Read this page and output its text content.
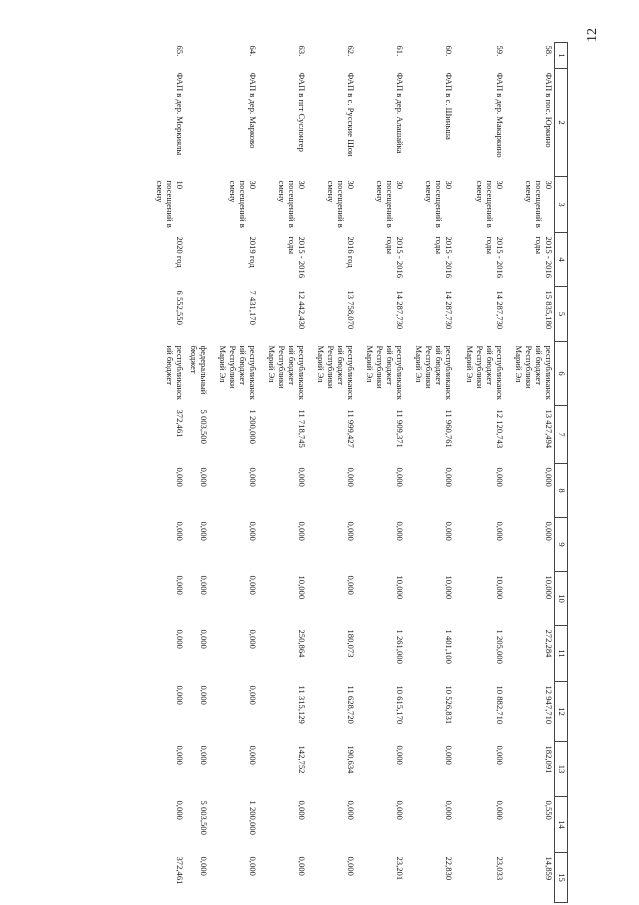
12
1	2	3	4	5	6	7	8	9	10	11	12	13	14	15
58.	ФАП в пос. Юркино	30 посещений в смену	2015 - 2016 годы	15 835,180	республиканский бюджет Республики Марий Эл	13 427,494	0,000	0,000	10,000	272,284	12 947,710	182,091	0,550	14,859
59.	ФАП в дер. Макаркино	30 посещений в смену	2015 - 2016 годы	14 287,730	республиканский бюджет Республики Марий Эл	12 120,743	0,000	0,000	10,000	1 205,000	10 882,710	0,000	0,000	23,033
60.	ФАП в с. Шиньша	30 посещений в смену	2015 - 2016 годы	14 287,730	республиканский бюджет Республики Марий Эл	11 960,761	0,000	0,000	10,000	1 401,100	10 526,831	0,000	0,000	22,830
61.	ФАП в дер. Алашайка	30 посещений в смену	2015 - 2016 годы	14 287,730	республиканский бюджет Республики Марий Эл	11 909,371	0,000	0,000	10,000	1 261,000	10 615,170	0,000	0,000	23,201
62.	ФАП в с. Русские Шои	30 посещений в смену	2016 год	13 758,070	республиканский бюджет Республики Марий Эл	11 999,427	0,000	0,000	0,000	180,073	11 628,720	190,634	0,000	0,000
63.	ФАП в пгт Суслонгер	30 посещений в смену	2015 - 2016 годы	12 442,430	республиканский бюджет Республики Марий Эл	11 718,745	0,000	0,000	10,000	250,864	11 315,129	142,752	0,000	0,000
64.	ФАП в дер. Марково	30 посещений в смену	2019 год	7 431,170	республиканский бюджет Республики Марий Эл	1 200,000	0,000	0,000	0,000	0,000	0,000	0,000	1 200,000	0,000
					федеральный бюджет	5 003,500	0,000	0,000	0,000	0,000	0,000	0,000	5 003,500	0,000
65.	ФАП в дер. Моркиялы	10 посещений в смену	2020 год	6 552,550	республиканский бюджет	372,461	0,000	0,000	0,000	0,000	0,000	0,000	0,000	372,461
